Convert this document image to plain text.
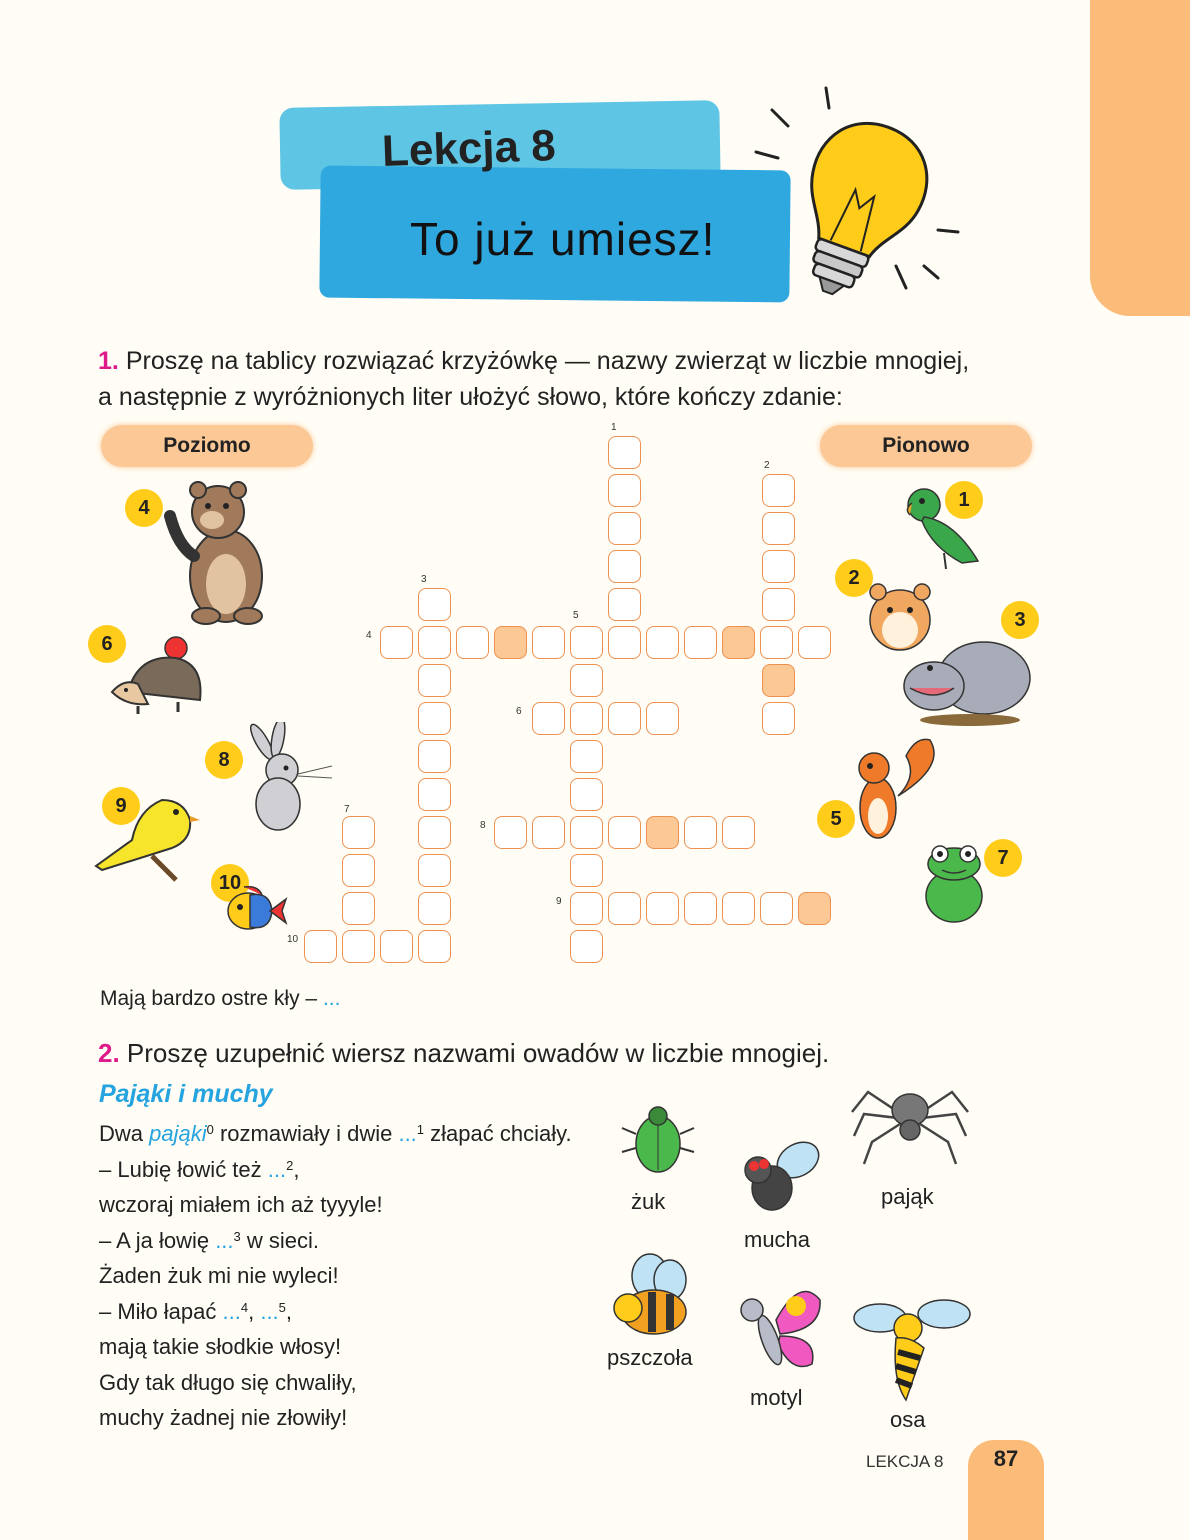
Lekcja 8
To już umiesz!
1. Proszę na tablicy rozwiązać krzyżówkę — nazwy zwierząt w liczbie mnogiej,
a następnie z wyróżnionych liter ułożyć słowo, które kończy zdanie:
Poziomo	Pionowo
4
6
8
9
10
1
2
3
5
7
1
2
3
4
5
6
7
8
9
10
Mają bardzo ostre kły – ...
2. Proszę uzupełnić wiersz nazwami owadów w liczbie mnogiej.
Pająki i muchy
Dwa pająki$^0$ rozmawiały i dwie ...$^1$ złapać chciały.
– Lubię łowić też ...$^2$,
wczoraj miałem ich aż tyyyle!
– A ja łowię ...$^3$ w sieci.
Żaden żuk mi nie wyleci!
– Miło łapać ...$^4$, ...$^5$,
mają takie słodkie włosy!
Gdy tak długo się chwaliły,
muchy żadnej nie złowiły!
żuk
mucha
pająk
pszczoła
motyl
osa
LEKCJA 8	87
